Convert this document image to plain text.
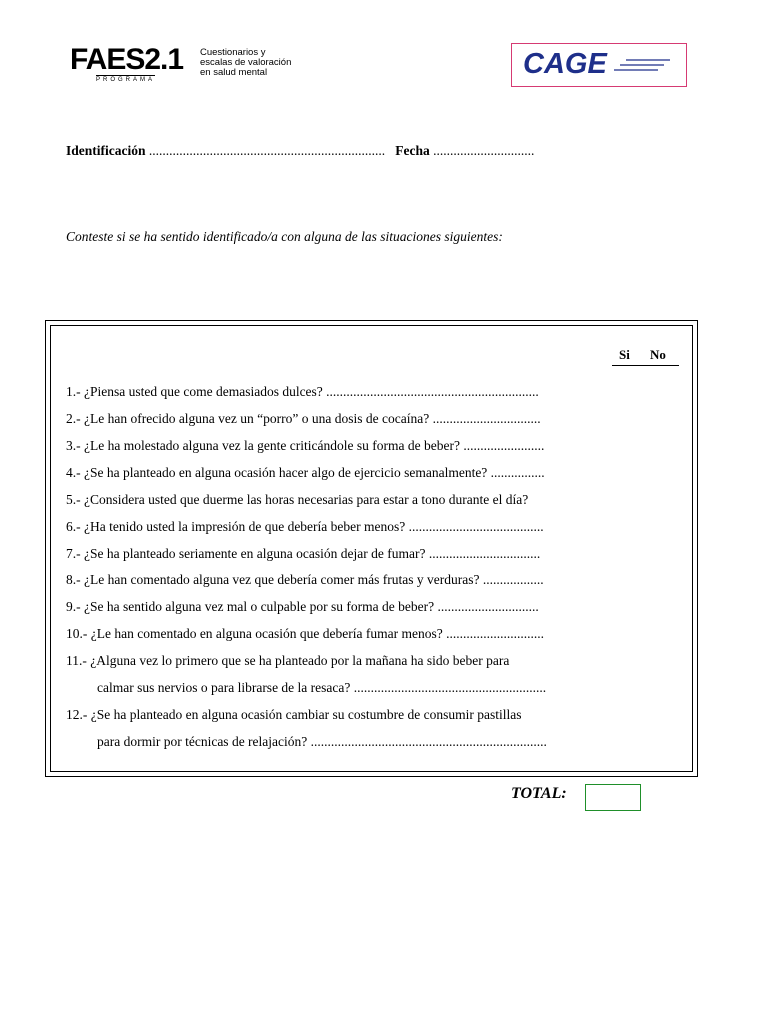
FAES2.1
PROGRAMA
Cuestionarios y
escalas de valoración
en salud mental	CAGE
Identificación ...................................................................... Fecha ..............................
Conteste si se ha sentido identificado/a con alguna de las situaciones siguientes:
Si No
1.- ¿Piensa usted que come demasiados dulces? ...............................................................
2.- ¿Le han ofrecido alguna vez un “porro” o una dosis de cocaína? ................................
3.- ¿Le ha molestado alguna vez la gente criticándole su forma de beber? ........................
4.- ¿Se ha planteado en alguna ocasión hacer algo de ejercicio semanalmente? ................
5.- ¿Considera usted que duerme las horas necesarias para estar a tono durante el día?
6.- ¿Ha tenido usted la impresión de que debería beber menos? ........................................
7.- ¿Se ha planteado seriamente en alguna ocasión dejar de fumar? .................................
8.- ¿Le han comentado alguna vez que debería comer más frutas y verduras? ..................
9.- ¿Se ha sentido alguna vez mal o culpable por su forma de beber? ..............................
10.- ¿Le han comentado en alguna ocasión que debería fumar menos? .............................
11.- ¿Alguna vez lo primero que se ha planteado por la mañana ha sido beber para
calmar sus nervios o para librarse de la resaca? .........................................................
12.- ¿Se ha planteado en alguna ocasión cambiar su costumbre de consumir pastillas
para dormir por técnicas de relajación? ......................................................................
TOTAL:
